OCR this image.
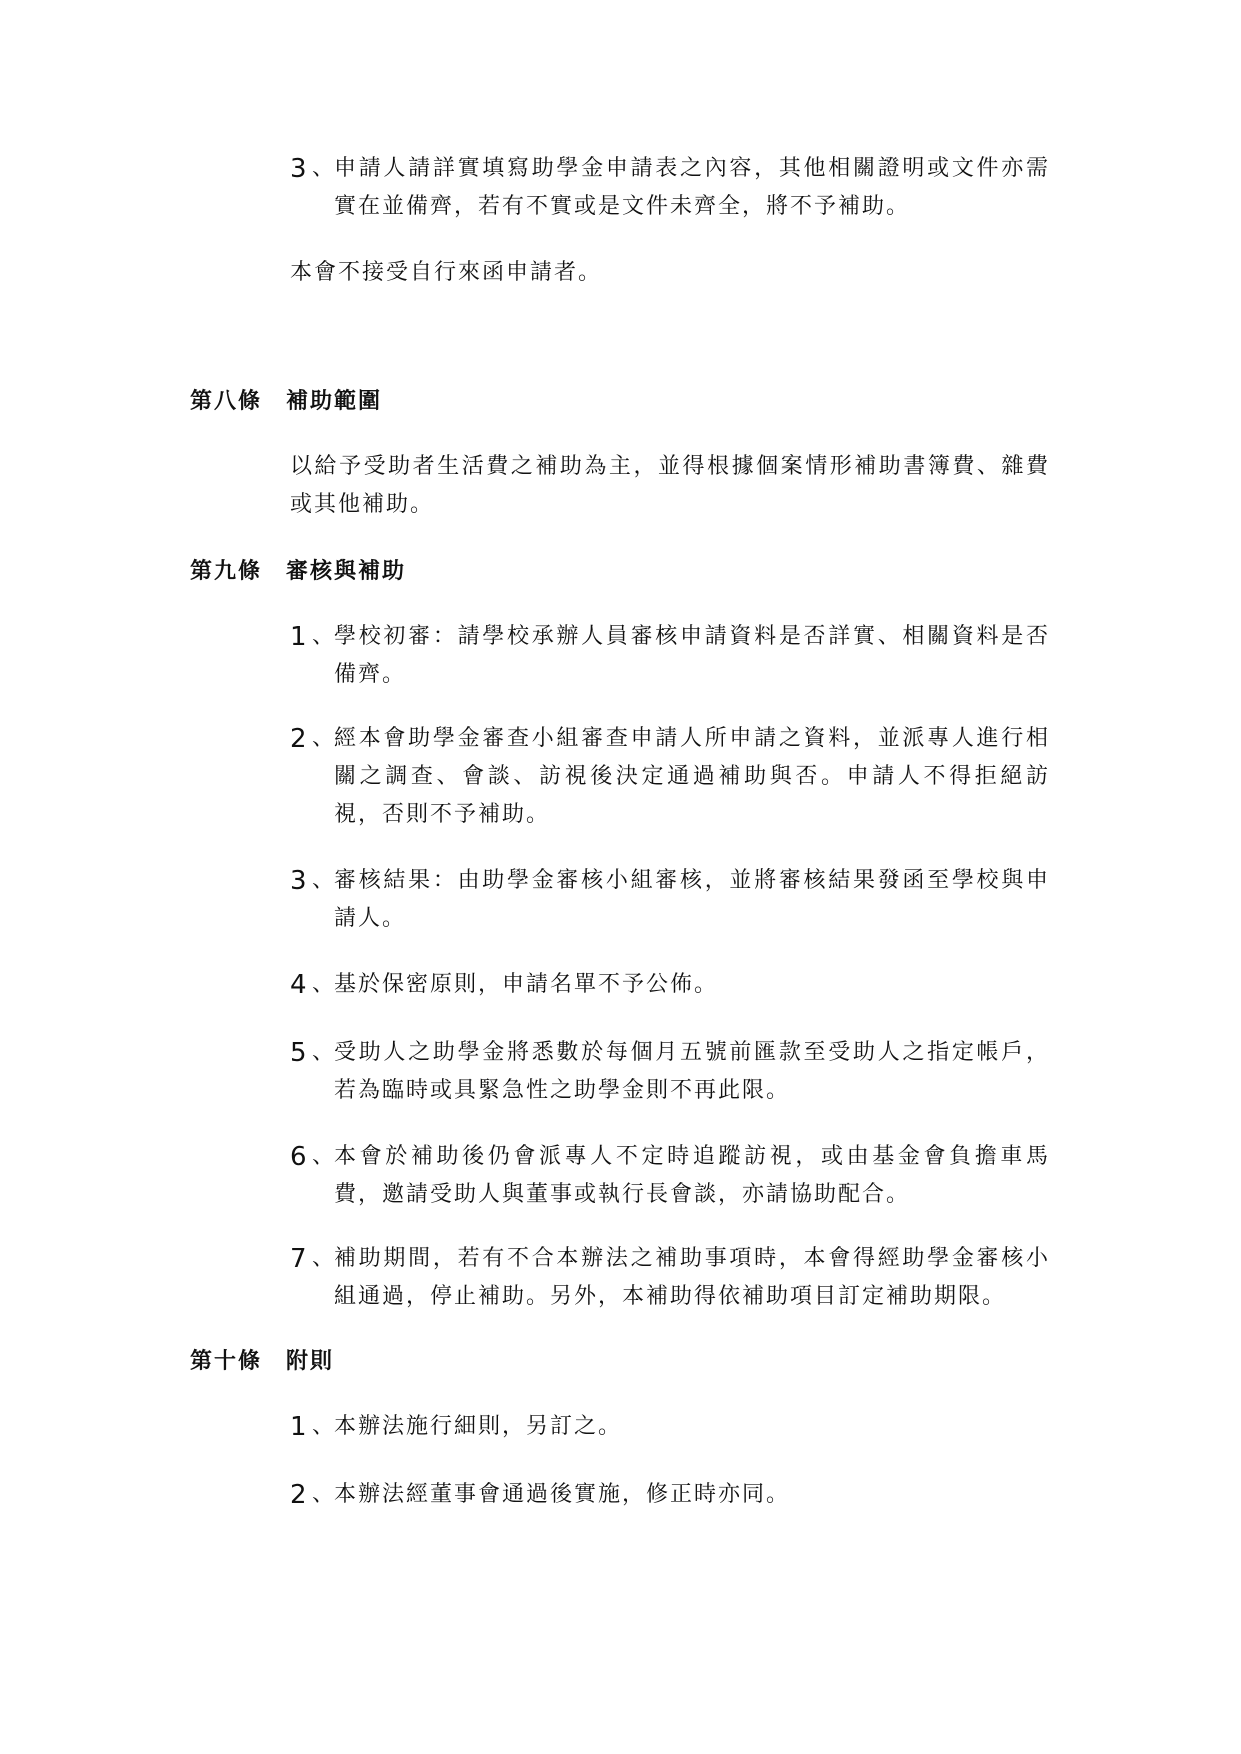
3 、
申請人請詳實填寫助學金申請表之內容，其他相關證明或文件亦需實在並備齊，若有不實或是文件未齊全，將不予補助。
本會不接受自行來函申請者。
第八條	補助範圍
以給予受助者生活費之補助為主，並得根據個案情形補助書簿費、雜費或其他補助。
第九條	審核與補助
1 、
學校初審：請學校承辦人員審核申請資料是否詳實、相關資料是否備齊。
2 、
經本會助學金審查小組審查申請人所申請之資料，並派專人進行相關之調查、會談、訪視後決定通過補助與否。申請人不得拒絕訪視，否則不予補助。
3 、
審核結果：由助學金審核小組審核，並將審核結果發函至學校與申請人。
4 、
基於保密原則，申請名單不予公佈。
5 、
受助人之助學金將悉數於每個月五號前匯款至受助人之指定帳戶，若為臨時或具緊急性之助學金則不再此限。
6 、
本會於補助後仍會派專人不定時追蹤訪視，或由基金會負擔車馬費，邀請受助人與董事或執行長會談，亦請協助配合。
7 、
補助期間，若有不合本辦法之補助事項時，本會得經助學金審核小組通過，停止補助。另外，本補助得依補助項目訂定補助期限。
第十條	附則
1 、
本辦法施行細則，另訂之。
2 、
本辦法經董事會通過後實施，修正時亦同。
